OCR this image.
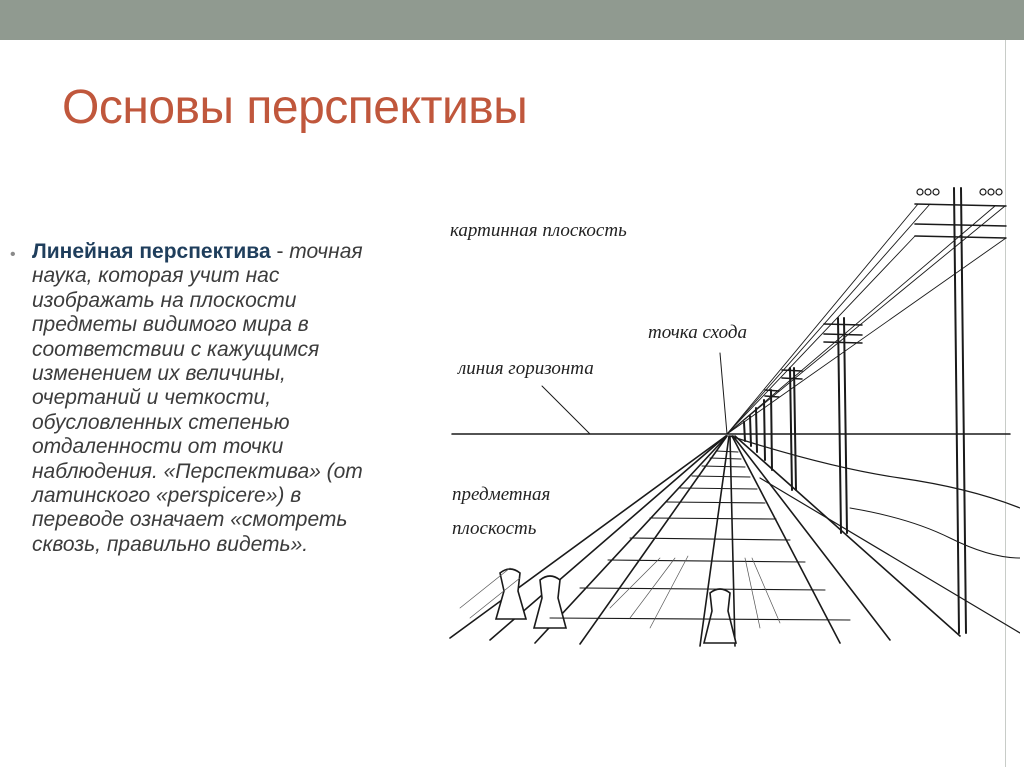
Основы перспективы
• Линейная перспектива - точная наука, которая учит нас изображать на плоскости предметы видимого мира в соответствии с кажущимся изменением их величины, очертаний и четкости, обусловленных степенью отдаленности от точки наблюдения. «Перспектива» (от латинского «perspicere») в переводе означает «смотреть сквозь, правильно видеть».
картинная плоскость
точка схода
линия горизонта
предметная
плоскость
